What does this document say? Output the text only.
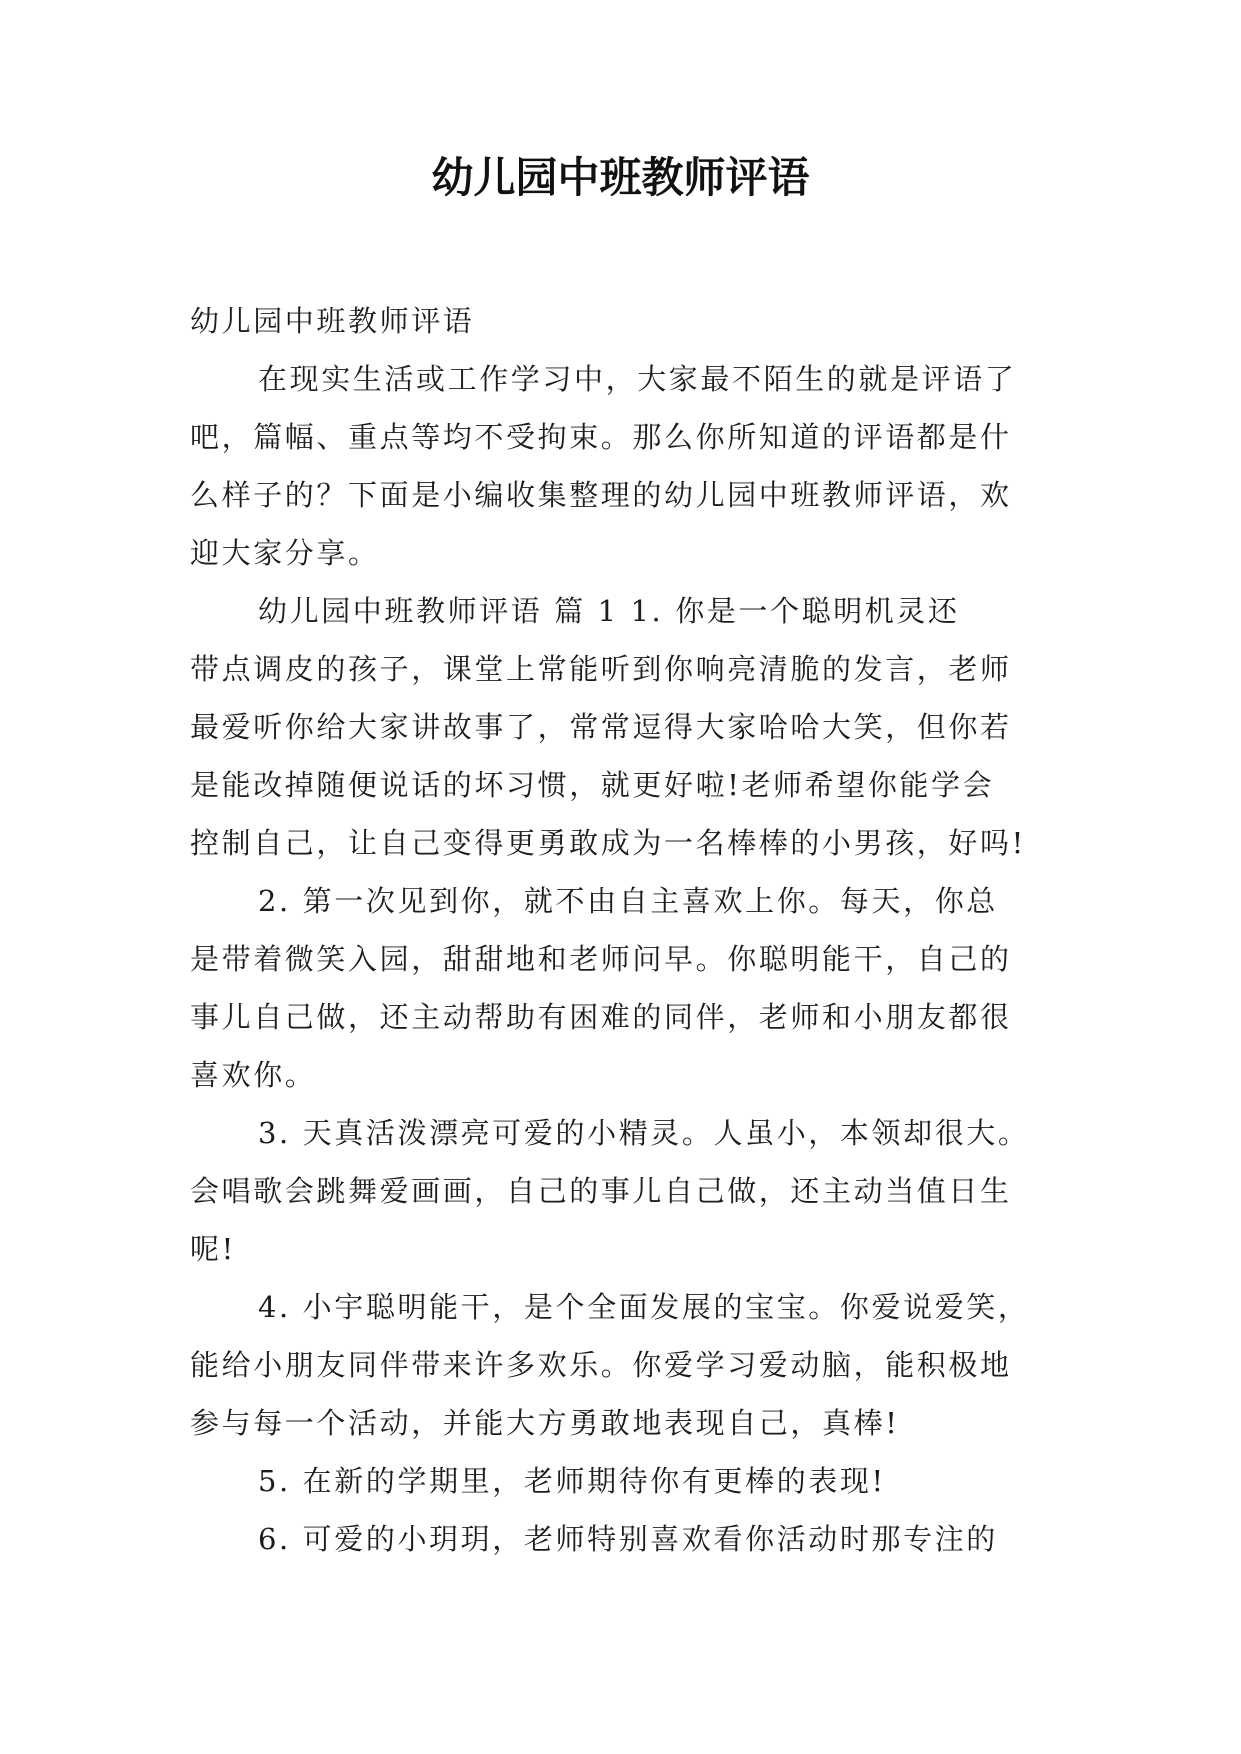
幼儿园中班教师评语
幼儿园中班教师评语
在现实生活或工作学习中，大家最不陌生的就是评语了
吧，篇幅、重点等均不受拘束。那么你所知道的评语都是什
么样子的？下面是小编收集整理的幼儿园中班教师评语，欢
迎大家分享。
幼儿园中班教师评语 篇 1 1. 你是一个聪明机灵还
带点调皮的孩子，课堂上常能听到你响亮清脆的发言，老师
最爱听你给大家讲故事了，常常逗得大家哈哈大笑，但你若
是能改掉随便说话的坏习惯，就更好啦!老师希望你能学会
控制自己，让自己变得更勇敢成为一名棒棒的小男孩，好吗!
2. 第一次见到你，就不由自主喜欢上你。每天，你总
是带着微笑入园，甜甜地和老师问早。你聪明能干，自己的
事儿自己做，还主动帮助有困难的同伴，老师和小朋友都很
喜欢你。
3. 天真活泼漂亮可爱的小精灵。人虽小，本领却很大。
会唱歌会跳舞爱画画，自己的事儿自己做，还主动当值日生
呢!
4. 小宇聪明能干，是个全面发展的宝宝。你爱说爱笑，
能给小朋友同伴带来许多欢乐。你爱学习爱动脑，能积极地
参与每一个活动，并能大方勇敢地表现自己，真棒!
5. 在新的学期里，老师期待你有更棒的表现!
6. 可爱的小玥玥，老师特别喜欢看你活动时那专注的
